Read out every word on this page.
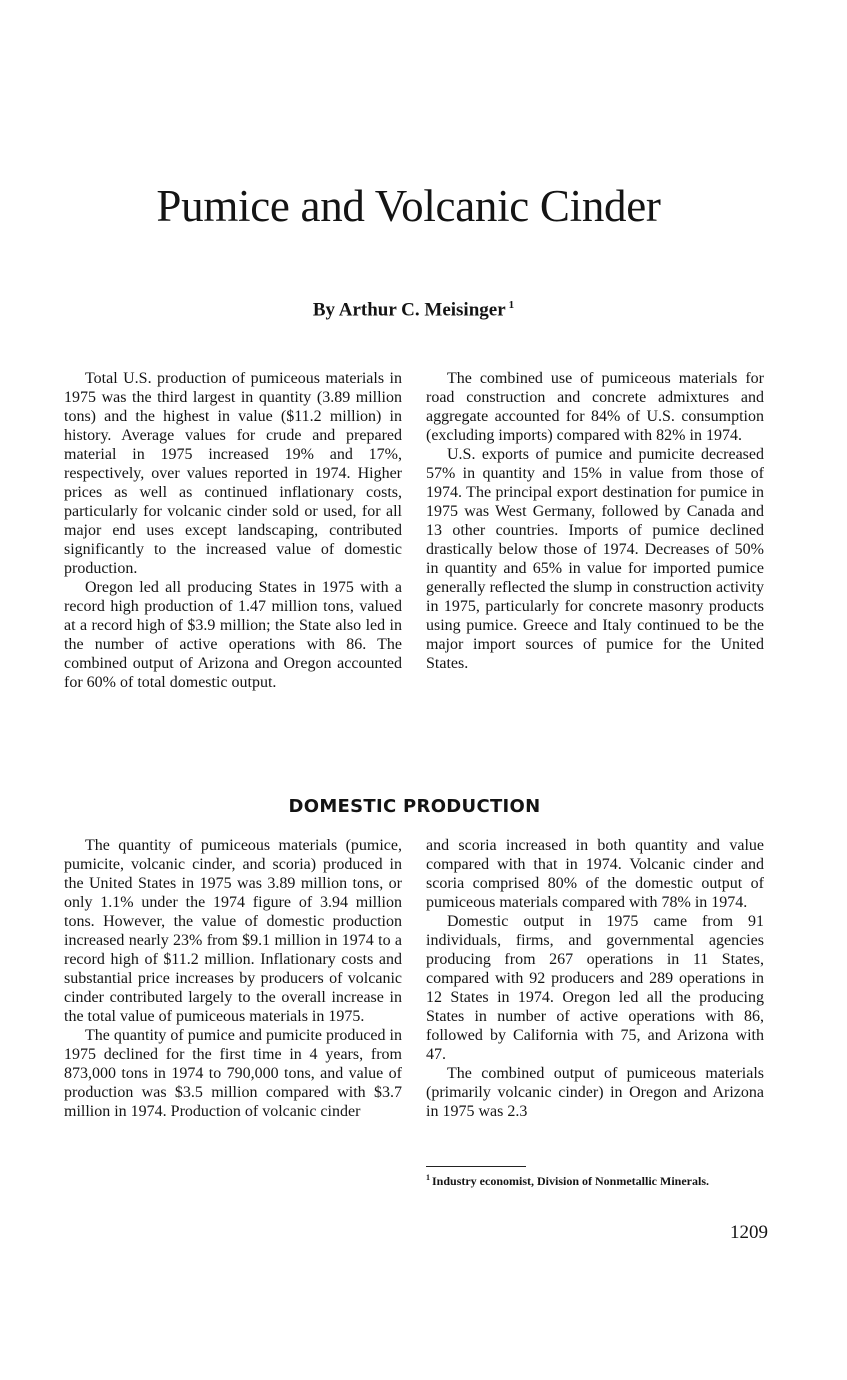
Pumice and Volcanic Cinder
By Arthur C. Meisinger $^1$

Total U.S. production of pumiceous materials in 1975 was the third largest in quantity (3.89 million tons) and the highest in value ($11.2 million) in history. Average values for crude and prepared material in 1975 increased 19% and 17%, respectively, over values reported in 1974. Higher prices as well as continued inflationary costs, particularly for volcanic cinder sold or used, for all major end uses except landscaping, contributed significantly to the increased value of domestic production.

Oregon led all producing States in 1975 with a record high production of 1.47 million tons, valued at a record high of $3.9 million; the State also led in the number of active operations with 86. The combined output of Arizona and Oregon accounted for 60% of total domestic output.

The combined use of pumiceous materials for road construction and concrete admixtures and aggregate accounted for 84% of U.S. consumption (excluding imports) compared with 82% in 1974.

U.S. exports of pumice and pumicite decreased 57% in quantity and 15% in value from those of 1974. The principal export destination for pumice in 1975 was West Germany, followed by Canada and 13 other countries. Imports of pumice declined drastically below those of 1974. Decreases of 50% in quantity and 65% in value for imported pumice generally reflected the slump in construction activity in 1975, particularly for concrete masonry products using pumice. Greece and Italy continued to be the major import sources of pumice for the United States.

DOMESTIC PRODUCTION

The quantity of pumiceous materials (pumice, pumicite, volcanic cinder, and scoria) produced in the United States in 1975 was 3.89 million tons, or only 1.1% under the 1974 figure of 3.94 million tons. However, the value of domestic production increased nearly 23% from $9.1 million in 1974 to a record high of $11.2 million. Inflationary costs and substantial price increases by producers of volcanic cinder contributed largely to the overall increase in the total value of pumiceous materials in 1975.

The quantity of pumice and pumicite produced in 1975 declined for the first time in 4 years, from 873,000 tons in 1974 to 790,000 tons, and value of production was $3.5 million compared with $3.7 million in 1974. Production of volcanic cinder

and scoria increased in both quantity and value compared with that in 1974. Volcanic cinder and scoria comprised 80% of the domestic output of pumiceous materials compared with 78% in 1974.

Domestic output in 1975 came from 91 individuals, firms, and governmental agencies producing from 267 operations in 11 States, compared with 92 producers and 289 operations in 12 States in 1974. Oregon led all the producing States in number of active operations with 86, followed by California with 75, and Arizona with 47.

The combined output of pumiceous materials (primarily volcanic cinder) in Oregon and Arizona in 1975 was 2.3

$^1$ Industry economist, Division of Nonmetallic Minerals.

1209
